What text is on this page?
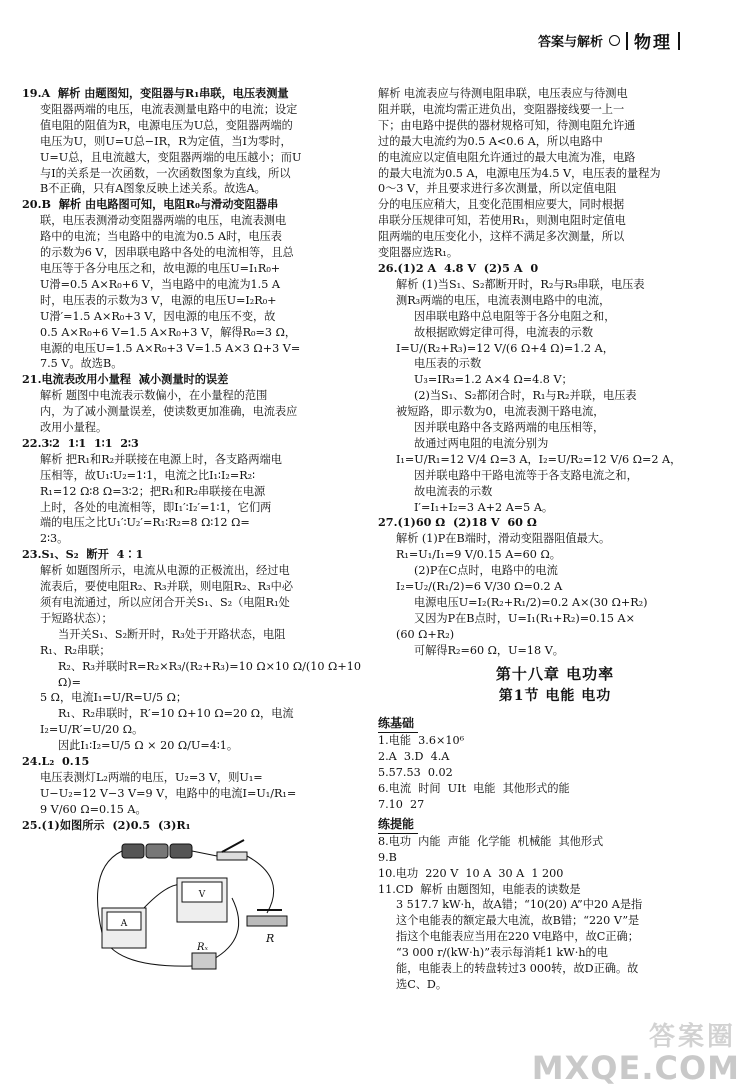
答案与解析 物理

19.A  解析 由题图知，变阻器与R₁串联，电压表测量

变阻器两端的电压，电流表测量电路中的电流；设定

值电阻的阻值为R，电源电压为U总，变阻器两端的

电压为U，则U=U总−IR，R为定值，当I为零时，

U=U总，且电流越大，变阻器两端的电压越小；而U

与I的关系是一次函数，一次函数图象为直线，所以

B不正确，只有A图象反映上述关系。故选A。

20.B  解析 由电路图可知，电阻R₀与滑动变阻器串

联，电压表测滑动变阻器两端的电压，电流表测电

路中的电流；当电路中的电流为0.5 A时，电压表

的示数为6 V，因串联电路中各处的电流相等，且总

电压等于各分电压之和，故电源的电压U=I₁R₀+

U滑=0.5 A×R₀+6 V，当电路中的电流为1.5 A

时，电压表的示数为3 V，电源的电压U=I₂R₀+

U滑′=1.5 A×R₀+3 V，因电源的电压不变，故

0.5 A×R₀+6 V=1.5 A×R₀+3 V，解得R₀=3 Ω，

电源的电压U=1.5 A×R₀+3 V=1.5 A×3 Ω+3 V=

7.5 V。故选B。

21.电流表改用小量程  减小测量时的误差

解析 题图中电流表示数偏小，在小量程的范围

内，为了减小测量误差，使读数更加准确，电流表应

改用小量程。

22.3∶2  1∶1  1∶1  2∶3

解析 把R₁和R₂并联接在电源上时，各支路两端电

压相等，故U₁∶U₂=1∶1，电流之比I₁∶I₂=R₂∶

R₁=12 Ω∶8 Ω=3∶2；把R₁和R₂串联接在电源

上时，各处的电流相等，即I₁′∶I₂′=1∶1，它们两

端的电压之比U₁′∶U₂′=R₁∶R₂=8 Ω∶12 Ω=

2∶3。

23.S₁、S₂  断开  4∶1

解析 如题图所示，电流从电源的正极流出，经过电

流表后，要使电阻R₂、R₃并联，则电阻R₂、R₃中必

须有电流通过，所以应闭合开关S₁、S₂（电阻R₁处

于短路状态）；

当开关S₁、S₂断开时，R₃处于开路状态，电阻

R₁、R₂串联；

R₂、R₃并联时R=R₂×R₃/(R₂+R₃)=10 Ω×10 Ω/(10 Ω+10 Ω)=

5 Ω，电流I₁=U/R=U/5 Ω；

R₁、R₂串联时，R′=10 Ω+10 Ω=20 Ω，电流

I₂=U/R′=U/20 Ω。

因此I₁∶I₂=U/5 Ω × 20 Ω/U=4∶1。

24.L₂  0.15

电压表测灯L₂两端的电压，U₂=3 V，则U₁=

U−U₂=12 V−3 V=9 V，电路中的电流I=U₁/R₁=

9 V/60 Ω=0.15 A。

25.(1)如图所示  (2)0.5  (3)R₁

A
V
R
Rₓ

解析 电流表应与待测电阻串联，电压表应与待测电

阻并联，电流均需正进负出，变阻器接线要一上一

下；由电路中提供的器材规格可知，待测电阻允许通

过的最大电流约为0.5 A<0.6 A，所以电路中

的电流应以定值电阻允许通过的最大电流为准，电路

的最大电流为0.5 A，电源电压为4.5 V，电压表的量程为

0～3 V，并且要求进行多次测量，所以定值电阻

分的电压应稍大，且变化范围相应要大，同时根据

串联分压规律可知，若使用R₁，则测电阻时定值电

阻两端的电压变化小，这样不满足多次测量，所以

变阻器应选R₁。

26.(1)2 A  4.8 V  (2)5 A  0

解析 (1)当S₁、S₂都断开时，R₂与R₃串联，电压表

测R₃两端的电压，电流表测电路中的电流，

因串联电路中总电阻等于各分电阻之和，

故根据欧姆定律可得，电流表的示数

I=U/(R₂+R₃)=12 V/(6 Ω+4 Ω)=1.2 A，

电压表的示数

U₃=IR₃=1.2 A×4 Ω=4.8 V；

(2)当S₁、S₂都闭合时，R₁与R₂并联，电压表

被短路，即示数为0，电流表测干路电流，

因并联电路中各支路两端的电压相等，

故通过两电阻的电流分别为

I₁=U/R₁=12 V/4 Ω=3 A，I₂=U/R₂=12 V/6 Ω=2 A，

因并联电路中干路电流等于各支路电流之和，

故电流表的示数

I′=I₁+I₂=3 A+2 A=5 A。

27.(1)60 Ω  (2)18 V  60 Ω

解析 (1)P在B端时，滑动变阻器阻值最大。

R₁=U₁/I₁=9 V/0.15 A=60 Ω。

(2)P在C点时，电路中的电流

I₂=U₂/(R₁/2)=6 V/30 Ω=0.2 A

电源电压U=I₂(R₂+R₁/2)=0.2 A×(30 Ω+R₂)

又因为P在B点时，U=I₁(R₁+R₂)=0.15 A×

(60 Ω+R₂)

可解得R₂=60 Ω，U=18 V。

第十八章 电功率
第1节 电能 电功
练基础

1.电能  3.6×10⁶

2.A  3.D  4.A

5.57.53  0.02

6.电流  时间  UIt  电能  其他形式的能

7.10  27

练提能

8.电功  内能  声能  化学能  机械能  其他形式

9.B

10.电功  220 V  10 A  30 A  1 200

11.CD  解析 由题图知，电能表的读数是

3 517.7 kW·h，故A错；“10(20) A”中20 A是指

这个电能表的额定最大电流，故B错；“220 V”是

指这个电能表应当用在220 V电路中，故C正确；

“3 000 r/(kW·h)”表示每消耗1 kW·h的电

能，电能表上的转盘转过3 000转，故D正确。故

选C、D。

答案圈
MXQE.COM
